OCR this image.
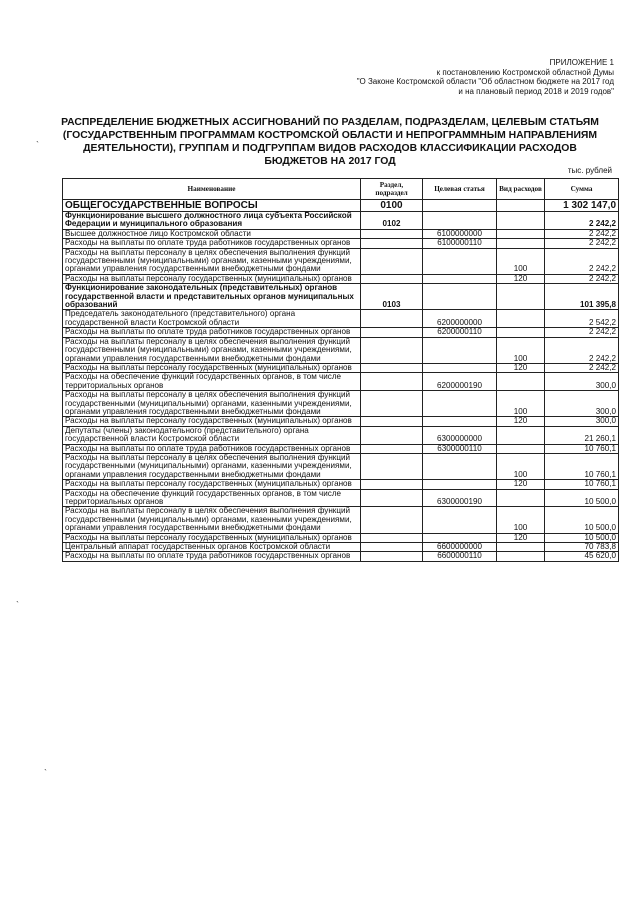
ПРИЛОЖЕНИЕ 1
к постановлению Костромской областной Думы
"О Законе Костромской области "Об областном бюджете на 2017 год
и на плановый период 2018 и 2019 годов"
РАСПРЕДЕЛЕНИЕ БЮДЖЕТНЫХ АССИГНОВАНИЙ ПО РАЗДЕЛАМ, ПОДРАЗДЕЛАМ, ЦЕЛЕВЫМ СТАТЬЯМ (ГОСУДАРСТВЕННЫМ ПРОГРАММАМ КОСТРОМСКОЙ ОБЛАСТИ И НЕПРОГРАММНЫМ НАПРАВЛЕНИЯМ ДЕЯТЕЛЬНОСТИ), ГРУППАМ И ПОДГРУППАМ ВИДОВ РАСХОДОВ КЛАССИФИКАЦИИ РАСХОДОВ БЮДЖЕТОВ НА 2017 ГОД
тыс. рублей
Наименование	Раздел, подраздел	Целевая статья	Вид расходов	Сумма
ОБЩЕГОСУДАРСТВЕННЫЕ ВОПРОСЫ	0100			1 302 147,0
Функционирование высшего должностного лица субъекта Российской Федерации и муниципального образования	0102			2 242,2
Высшее должностное лицо Костромской области		6100000000		2 242,2
Расходы на выплаты по оплате труда работников государственных органов		6100000110		2 242,2
Расходы на выплаты персоналу в целях обеспечения выполнения функций государственными (муниципальными) органами, казенными учреждениями, органами управления государственными внебюджетными фондами			100	2 242,2
Расходы на выплаты персоналу государственных (муниципальных) органов			120	2 242,2
Функционирование законодательных (представительных) органов государственной власти и представительных органов муниципальных образований	0103			101 395,8
Председатель законодательного (представительного) органа государственной власти Костромской области		6200000000		2 542,2
Расходы на выплаты по оплате труда работников государственных органов		6200000110		2 242,2
Расходы на выплаты персоналу в целях обеспечения выполнения функций государственными (муниципальными) органами, казенными учреждениями, органами управления государственными внебюджетными фондами			100	2 242,2
Расходы на выплаты персоналу государственных (муниципальных) органов			120	2 242,2
Расходы на обеспечение функций государственных органов, в том числе территориальных органов		6200000190		300,0
Расходы на выплаты персоналу в целях обеспечения выполнения функций государственными (муниципальными) органами, казенными учреждениями, органами управления государственными внебюджетными фондами			100	300,0
Расходы на выплаты персоналу государственных (муниципальных) органов			120	300,0
Депутаты (члены) законодательного (представительного) органа государственной власти Костромской области		6300000000		21 260,1
Расходы на выплаты по оплате труда работников государственных органов		6300000110		10 760,1
Расходы на выплаты персоналу в целях обеспечения выполнения функций государственными (муниципальными) органами, казенными учреждениями, органами управления государственными внебюджетными фондами			100	10 760,1
Расходы на выплаты персоналу государственных (муниципальных) органов			120	10 760,1
Расходы на обеспечение функций государственных органов, в том числе территориальных органов		6300000190		10 500,0
Расходы на выплаты персоналу в целях обеспечения выполнения функций государственными (муниципальными) органами, казенными учреждениями, органами управления государственными внебюджетными фондами			100	10 500,0
Расходы на выплаты персоналу государственных (муниципальных) органов			120	10 500,0
Центральный аппарат государственных органов Костромской области		6600000000		70 783,8
Расходы на выплаты по оплате труда работников государственных органов		6600000110		45 620,0
`
`
`
